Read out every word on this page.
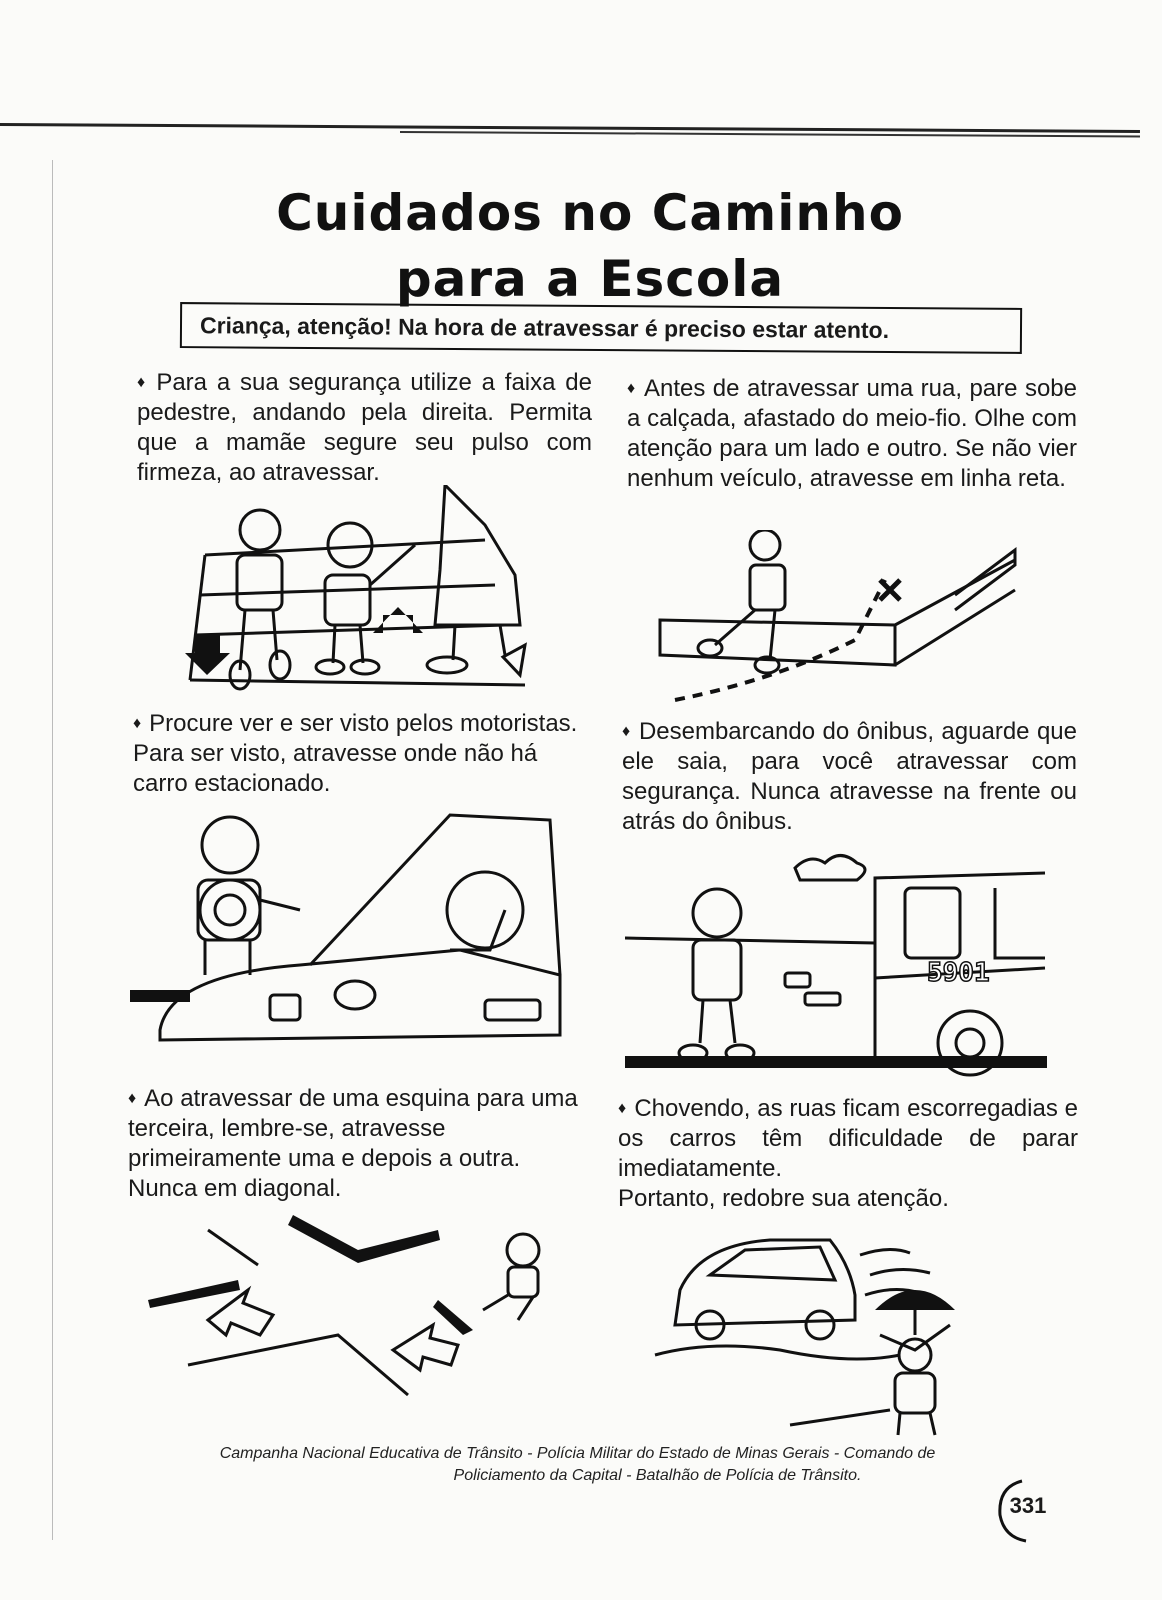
Cuidados no Caminho
para a Escola
Criança, atenção! Na hora de atravessar é preciso estar atento.
♦ Para a sua segurança utilize a faixa de pedestre, andando pela direita. Permita que a mamãe segure seu pulso com firmeza, ao atravessar.
♦ Antes de atravessar uma rua, pare sobe a calçada, afastado do meio-fio. Olhe com atenção para um lado e outro. Se não vier nenhum veículo, atravesse em linha reta.
♦ Procure ver e ser visto pelos motoristas. Para ser visto, atravesse onde não há carro estacionado.
♦ Desembarcando do ônibus, aguarde que ele saia, para você atravessar com segurança. Nunca atravesse na frente ou atrás do ônibus.
5901
♦ Ao atravessar de uma esquina para uma terceira, lembre-se, atravesse primeiramente uma e depois a outra. Nunca em diagonal.
♦ Chovendo, as ruas ficam escorregadias e os carros têm dificuldade de parar imediatamente.
Portanto, redobre sua atenção.
Campanha Nacional Educativa de Trânsito - Polícia Militar do Estado de Minas Gerais - Comando de
Policiamento da Capital - Batalhão de Polícia de Trânsito.
331
